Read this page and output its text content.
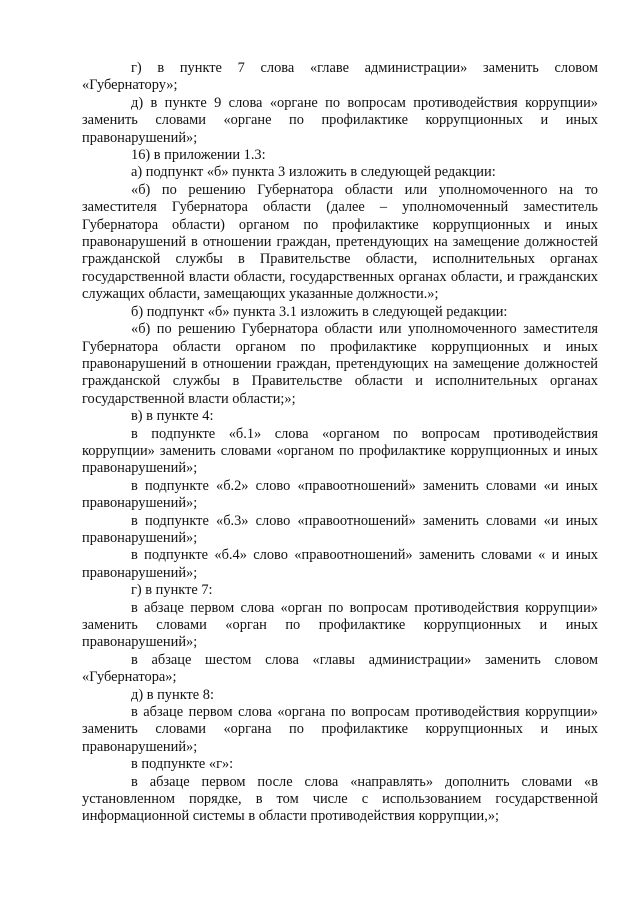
г) в пункте 7 слова «главе администрации» заменить словом «Губернатору»;

д) в пункте 9 слова «органе по вопросам противодействия коррупции» заменить словами «органе по профилактике коррупционных и иных правонарушений»;

16) в приложении 1.3:

а) подпункт «б» пункта 3 изложить в следующей редакции:

«б) по решению Губернатора области или уполномоченного на то заместителя Губернатора области (далее – уполномоченный заместитель Губернатора области) органом по профилактике коррупционных и иных правонарушений в отношении граждан, претендующих на замещение должностей гражданской службы в Правительстве области, исполнительных органах государственной власти области, государственных органах области, и гражданских служащих области, замещающих указанные должности.»;

б) подпункт «б» пункта 3.1 изложить в следующей редакции:

«б) по решению Губернатора области или уполномоченного заместителя Губернатора области органом по профилактике коррупционных и иных правонарушений в отношении граждан, претендующих на замещение должностей гражданской службы в Правительстве области и исполнительных органах государственной власти области;»;

в) в пункте 4:

в подпункте «б.1» слова «органом по вопросам противодействия коррупции» заменить словами «органом по профилактике коррупционных и иных правонарушений»;

в подпункте «б.2» слово «правоотношений» заменить словами «и иных правонарушений»;

в подпункте «б.3» слово «правоотношений» заменить словами «и иных правонарушений»;

в подпункте «б.4» слово «правоотношений» заменить словами « и иных правонарушений»;

г) в пункте 7:

в абзаце первом слова «орган по вопросам противодействия коррупции» заменить словами «орган по профилактике коррупционных и иных правонарушений»;

в абзаце шестом слова «главы администрации» заменить словом «Губернатора»;

д) в пункте 8:

в абзаце первом слова «органа по вопросам противодействия коррупции» заменить словами «органа по профилактике коррупционных и иных правонарушений»;

в подпункте «г»:

в абзаце первом после слова «направлять» дополнить словами «в установленном порядке, в том числе с использованием государственной информационной системы в области противодействия коррупции,»;
